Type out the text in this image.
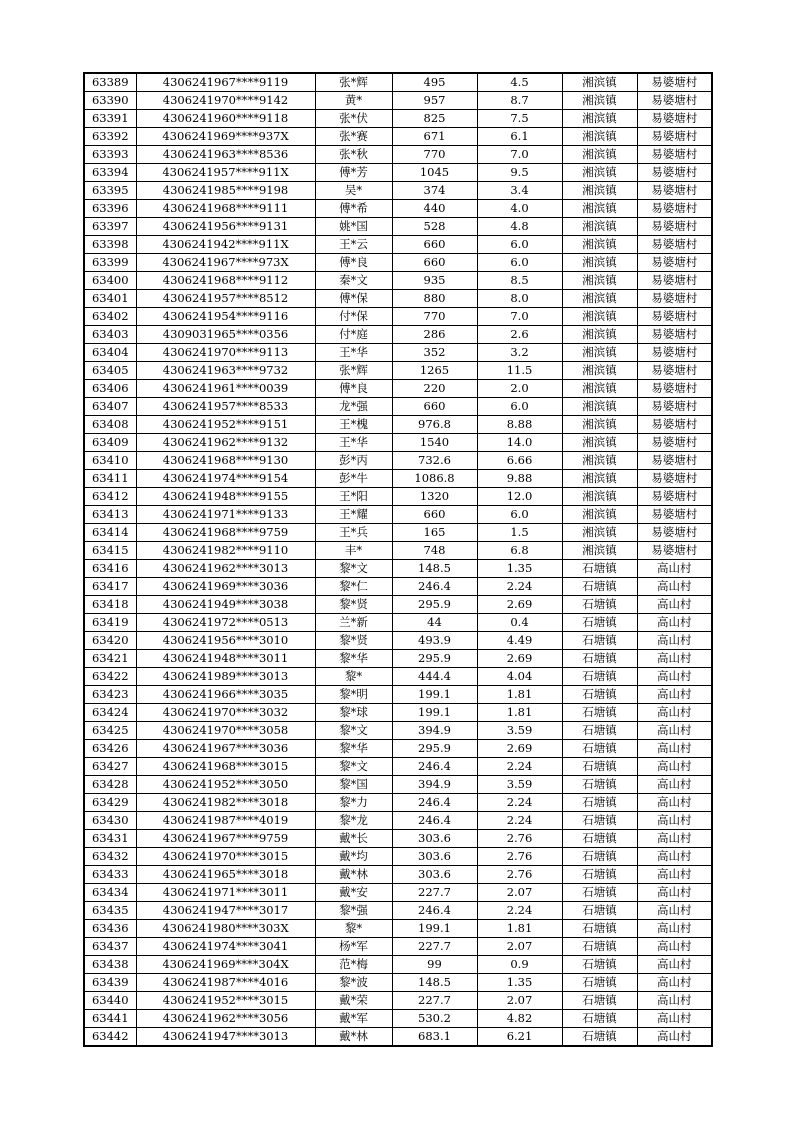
63389	4306241967****9119	张*辉	495	4.5	湘滨镇	易婆塘村
63390	4306241970****9142	黄*	957	8.7	湘滨镇	易婆塘村
63391	4306241960****9118	张*伏	825	7.5	湘滨镇	易婆塘村
63392	4306241969****937X	张*赛	671	6.1	湘滨镇	易婆塘村
63393	4306241963****8536	张*秋	770	7.0	湘滨镇	易婆塘村
63394	4306241957****911X	傅*芳	1045	9.5	湘滨镇	易婆塘村
63395	4306241985****9198	吴*	374	3.4	湘滨镇	易婆塘村
63396	4306241968****9111	傅*希	440	4.0	湘滨镇	易婆塘村
63397	4306241956****9131	姚*国	528	4.8	湘滨镇	易婆塘村
63398	4306241942****911X	王*云	660	6.0	湘滨镇	易婆塘村
63399	4306241967****973X	傅*良	660	6.0	湘滨镇	易婆塘村
63400	4306241968****9112	秦*文	935	8.5	湘滨镇	易婆塘村
63401	4306241957****8512	傅*保	880	8.0	湘滨镇	易婆塘村
63402	4306241954****9116	付*保	770	7.0	湘滨镇	易婆塘村
63403	4309031965****0356	付*庭	286	2.6	湘滨镇	易婆塘村
63404	4306241970****9113	王*华	352	3.2	湘滨镇	易婆塘村
63405	4306241963****9732	张*辉	1265	11.5	湘滨镇	易婆塘村
63406	4306241961****0039	傅*良	220	2.0	湘滨镇	易婆塘村
63407	4306241957****8533	龙*强	660	6.0	湘滨镇	易婆塘村
63408	4306241952****9151	王*槐	976.8	8.88	湘滨镇	易婆塘村
63409	4306241962****9132	王*华	1540	14.0	湘滨镇	易婆塘村
63410	4306241968****9130	彭*丙	732.6	6.66	湘滨镇	易婆塘村
63411	4306241974****9154	彭*牛	1086.8	9.88	湘滨镇	易婆塘村
63412	4306241948****9155	王*阳	1320	12.0	湘滨镇	易婆塘村
63413	4306241971****9133	王*耀	660	6.0	湘滨镇	易婆塘村
63414	4306241968****9759	王*兵	165	1.5	湘滨镇	易婆塘村
63415	4306241982****9110	丰*	748	6.8	湘滨镇	易婆塘村
63416	4306241962****3013	黎*文	148.5	1.35	石塘镇	高山村
63417	4306241969****3036	黎*仁	246.4	2.24	石塘镇	高山村
63418	4306241949****3038	黎*贤	295.9	2.69	石塘镇	高山村
63419	4306241972****0513	兰*新	44	0.4	石塘镇	高山村
63420	4306241956****3010	黎*贤	493.9	4.49	石塘镇	高山村
63421	4306241948****3011	黎*华	295.9	2.69	石塘镇	高山村
63422	4306241989****3013	黎*	444.4	4.04	石塘镇	高山村
63423	4306241966****3035	黎*明	199.1	1.81	石塘镇	高山村
63424	4306241970****3032	黎*球	199.1	1.81	石塘镇	高山村
63425	4306241970****3058	黎*文	394.9	3.59	石塘镇	高山村
63426	4306241967****3036	黎*华	295.9	2.69	石塘镇	高山村
63427	4306241968****3015	黎*文	246.4	2.24	石塘镇	高山村
63428	4306241952****3050	黎*国	394.9	3.59	石塘镇	高山村
63429	4306241982****3018	黎*力	246.4	2.24	石塘镇	高山村
63430	4306241987****4019	黎*龙	246.4	2.24	石塘镇	高山村
63431	4306241967****9759	戴*长	303.6	2.76	石塘镇	高山村
63432	4306241970****3015	戴*均	303.6	2.76	石塘镇	高山村
63433	4306241965****3018	戴*林	303.6	2.76	石塘镇	高山村
63434	4306241971****3011	戴*安	227.7	2.07	石塘镇	高山村
63435	4306241947****3017	黎*强	246.4	2.24	石塘镇	高山村
63436	4306241980****303X	黎*	199.1	1.81	石塘镇	高山村
63437	4306241974****3041	杨*军	227.7	2.07	石塘镇	高山村
63438	4306241969****304X	范*梅	99	0.9	石塘镇	高山村
63439	4306241987****4016	黎*波	148.5	1.35	石塘镇	高山村
63440	4306241952****3015	戴*荣	227.7	2.07	石塘镇	高山村
63441	4306241962****3056	戴*军	530.2	4.82	石塘镇	高山村
63442	4306241947****3013	戴*林	683.1	6.21	石塘镇	高山村
